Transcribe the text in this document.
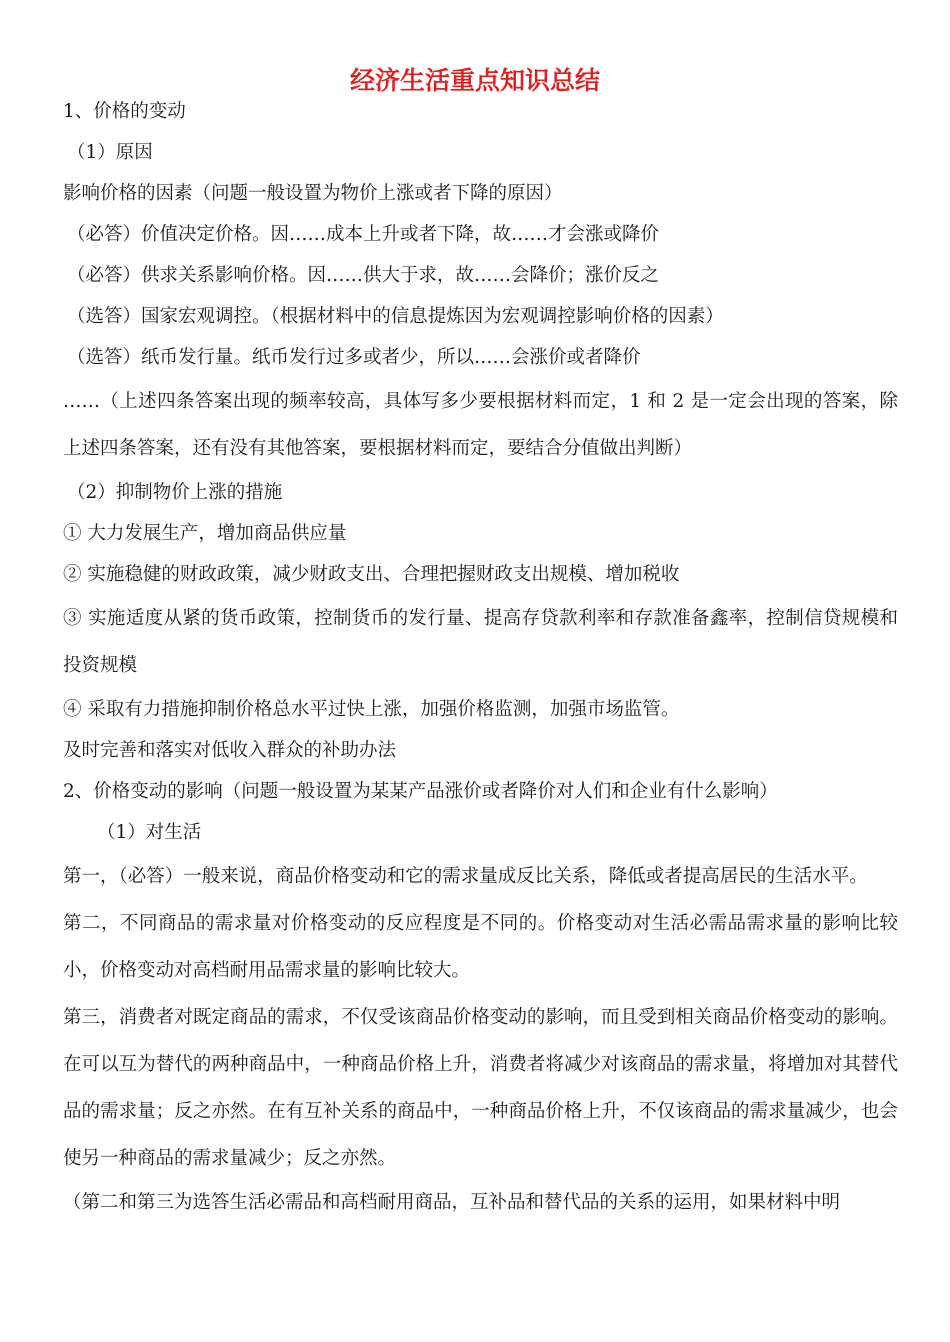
经济生活重点知识总结
1、价格的变动
（1）原因
影响价格的因素（问题一般设置为物价上涨或者下降的原因）
（必答）价值决定价格。因……成本上升或者下降，故……才会涨或降价
（必答）供求关系影响价格。因……供大于求，故……会降价；涨价反之
（选答）国家宏观调控。（根据材料中的信息提炼因为宏观调控影响价格的因素）
（选答）纸币发行量。纸币发行过多或者少，所以……会涨价或者降价
……（上述四条答案出现的频率较高，具体写多少要根据材料而定，1 和 2 是一定会出现的答案，除上述四条答案，还有没有其他答案，要根据材料而定，要结合分值做出判断）
（2）抑制物价上涨的措施
① 大力发展生产，增加商品供应量
② 实施稳健的财政政策，减少财政支出、合理把握财政支出规模、增加税收
③ 实施适度从紧的货币政策，控制货币的发行量、提高存贷款利率和存款准备鑫率，控制信贷规模和投资规模
④ 采取有力措施抑制价格总水平过快上涨，加强价格监测，加强市场监管。
及时完善和落实对低收入群众的补助办法
2、价格变动的影响（问题一般设置为某某产品涨价或者降价对人们和企业有什么影响）
（1）对生活
第一，（必答）一般来说，商品价格变动和它的需求量成反比关系，降低或者提高居民的生活水平。
第二，不同商品的需求量对价格变动的反应程度是不同的。价格变动对生活必需品需求量的影响比较小，价格变动对高档耐用品需求量的影响比较大。
第三，消费者对既定商品的需求，不仅受该商品价格变动的影响，而且受到相关商品价格变动的影响。在可以互为替代的两种商品中，一种商品价格上升，消费者将减少对该商品的需求量，将增加对其替代品的需求量；反之亦然。在有互补关系的商品中，一种商品价格上升，不仅该商品的需求量减少，也会使另一种商品的需求量减少；反之亦然。
（第二和第三为选答生活必需品和高档耐用商品，互补品和替代品的关系的运用，如果材料中明
